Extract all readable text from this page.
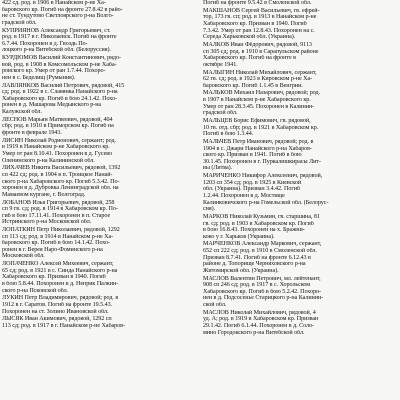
422 сд. род. в 1906 в Нанайском р-не Ха-
баровского кр. Погиб на фронте 27.8.42 в райо-
не ст. Тундутово Светлоярского р-на Волго-
градской обл.
КУПРИЯНОВ Александр Григорьевич, ст.
род. в 1917 в г. Николаевск. Погиб на фронте
6.7.44. Похоронен в д. Гвоздь По-
лоцкого р-на Витебской обл. (Белоруссия).
КУРДЮМОВ Василий Константинович, рядо-
вой, род. в 1908 в Комсомольском р-не Хаба-
ровского кр. Умер от ран 1.7.44. Похоро-
нен в с. Беделищ (Румыния).
ЛАВЛЯНКОВ Василий Петрович, рядовой, 415
сд; род. в 1922 в с. Славянка Нанайского р-на
Хабаровского кр. Погиб в бою 24.1.42. Похо-
ронен в д. Машарова Медынского р-на
Калужской обл.
ЛЕСНОВ Марьян Матвеевич, рядовой, 404
сбр; род. в 1910 в Приморском кр. Погиб на
фронте в феврале 1943.
ЛИСИН Николай Родионович, сержант; род.
в 1919 в Нанайском р-не Хабаровского кр.
Умер от ран 8.10.41. Похоронен в д. Гусево
Оленинского р-на Калининской обл.
ЛИХАЧЕВ Никита Васильевич, рядовой, 1392
сп 422 сд; род. в 1904 в п. Троицкое Нанай-
ского р-на Хабаровского кр. Погиб 5.3.42. По-
хоронен в д. Дубровка Ленинградской обл. на
Мамаевом кургане, г. Волгоград.
ЛОБАНОВ Илья Григорьевич, рядовой, 258
сп 9 гв. сд; род. в 1914 в Хабаровском кр. По-
гиб в бою 17.11.41. Похоронен в п. Старое
Истринского р-на Московской обл.
ЛОПАТКИН Петр Николаевич, рядовой, 1292
сп 113 сд; род. в 1914 в Нанайском р-не Ха-
баровского кр. Погиб в бою 14.1.42. Похо-
ронен в г. Верея Наро-Фоминского р-на
Московской обл.
ЛОПАЧЕНКО Алексей Михеевич, сержант,
65 сд; род. в 1921 в с. Синда Нанайского р-на
Хабаровского кр. Призван в 1940. Погиб
в бою 5.8.44. Похоронен в д. Неприк Палкин-
ского р-на Псковской обл.
ЛУКИН Петр Владимирович, рядовой; род. в
1912 в г. Саратов. Погиб на фронте 19.5.43.
Похоронен на ст. Золино Ивановской обл.
ЛЫСЯК Иван Акимович, рядовой, 1292 сп
113 сд; род. в 1917 в г. Нанайском р-не Хабаров-
Погиб на фронте 9.5.42 в Смоленской обл.
МАКШАНОВ Сергей Васильевич, гв. ефрей-
тор, 173 гв. сп; род. в 1913 в Нанайском р-не
Хабаровского кр. Призван в 1940. Погиб
7.3.42. Умер от ран 12.8.43. Похоронен на с.
Середа Харьковской обл. (Украина).
МАЛКОВ Иван Фёдорович, рядовой, 9113
сп 305 сд; род. в 1910 в Сарапульском районе
Хабаровского кр. Погиб на фронте в
октябре 1941.
МАЛЫГИН Николай Михайлович, сержант,
62 гв. сд; род. в 1923 в Кировском р-не Ха-
баровского кр. Погиб 1.1.45 в Венгрии.
МАЛЬКОВ Михаил Назарович, рядовой; род.
в 1907 в Нанайском р-не Хабаровского кр.
Умер от ран 28.3.45. Похоронен в Калинин-
градской обл.
МАЛЬЦЕВ Борис Ефимович, гв. рядовой,
10 гв. отд. сбр; род. в 1921 в Хабаровском кр.
Погиб в бою 1.3.44.
МАЛЬЧЕВ Петр Иванович, рядовой; род. в
1904 в с. Джари Нанайского р-на Хабаров-
ского кр. Призван в 1941. Погиб в бою
30.1.45. Похоронен в г. Пуркалишкирасы Лит-
вы (Литва).
МАРИЧЕНКО Никифор Алексеевич, рядовой,
1203 сп 354 сд; род. в 1925 в Киевской
обл. (Украина). Призван 3.4.42. Погиб
1.2.44. Похоронен в д. Мостище
Калинковичского р-на Гомельской обл. (Белорус-
сия).
МАРКОВ Николай Кузьмин, гв. старшина, 81
гв. сд; род. в 1903 в Хабаровском кр. Погиб
в бою 16.8.43. Похоронен на х. Бражни-
ково у г. Харьков (Украина).
МАРЧЕНКОВ Александр Маркович, сержант,
652 сп 222 сд; род. в 1910 в Смоленской обл.
Призван 8.7.41. Погиб на фронте 6.12.43 в
районе д. Топорище Черняховского р-на
Житомирской обл. (Украина).
МАСЛОВ Валентин Петрович, мл. лейтенант,
908 сп 246 сд; род. в 1917 в с. Хорольском
Хабаровского кр. Погиб в бою 5.2.42. Похоро-
нен в д. Подсосенье Старицкого р-на Калинин-
ской обл.
МАСЛОВ Николай Михайлович, рядовой, 4
уд. А; род. в 1919 в Хабаровском кр. Призван
29.1.42. Погиб 6.1.44. Похоронен в д. Соло-
мино Городокского р-на Витебской обл.
